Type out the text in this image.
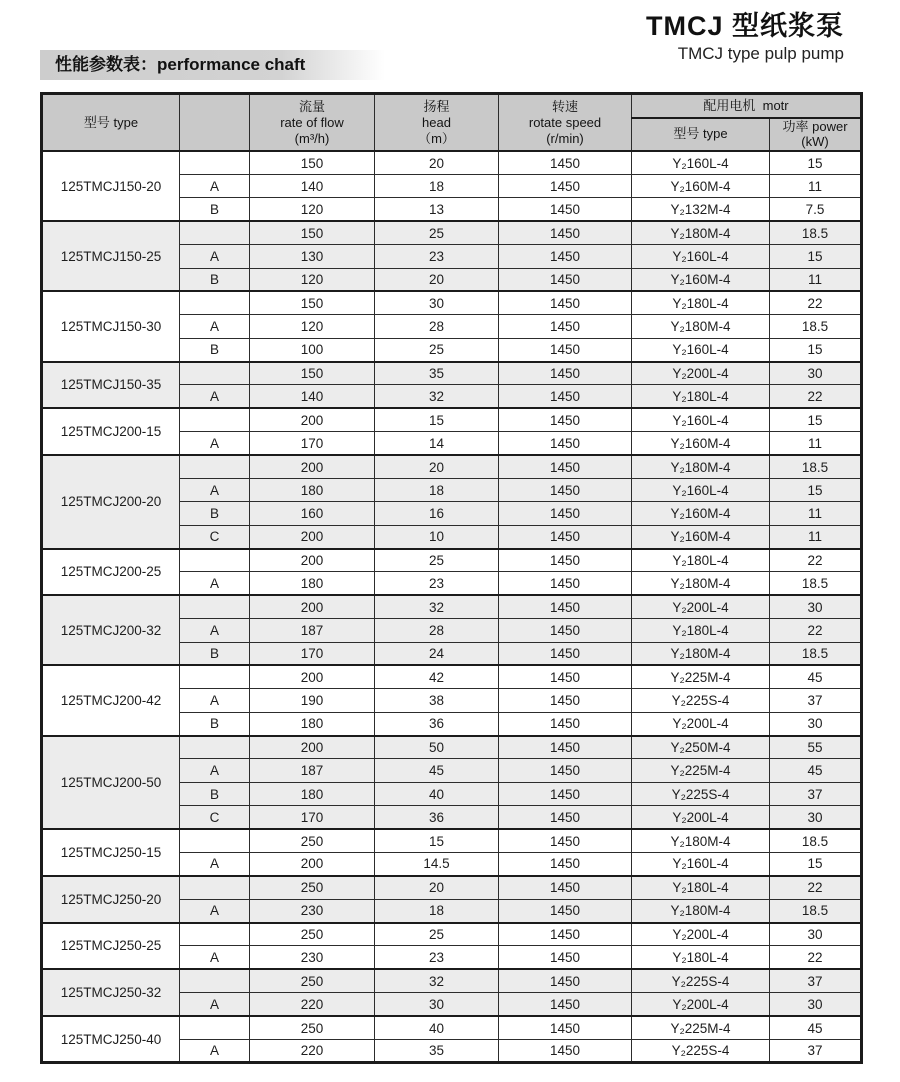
TMCJ 型纸浆泵
TMCJ type pulp pump
性能参数表：performance chaft
型号 type		流量
rate of flow
(m³/h)	扬程
head
（m）	转速
rotate speed
(r/min)	配用电机 motr	
					型号 type	功率 power
(kW)

125TMCJ150-20		150	20	1450	Y₂160L-4	15
	A	140	18	1450	Y₂160M-4	11
	B	120	13	1450	Y₂132M-4	7.5
125TMCJ150-25		150	25	1450	Y₂180M-4	18.5
	A	130	23	1450	Y₂160L-4	15
	B	120	20	1450	Y₂160M-4	11
125TMCJ150-30		150	30	1450	Y₂180L-4	22
	A	120	28	1450	Y₂180M-4	18.5
	B	100	25	1450	Y₂160L-4	15
125TMCJ150-35		150	35	1450	Y₂200L-4	30
	A	140	32	1450	Y₂180L-4	22
125TMCJ200-15		200	15	1450	Y₂160L-4	15
	A	170	14	1450	Y₂160M-4	11
125TMCJ200-20		200	20	1450	Y₂180M-4	18.5
	A	180	18	1450	Y₂160L-4	15
	B	160	16	1450	Y₂160M-4	11
	C	200	10	1450	Y₂160M-4	11
125TMCJ200-25		200	25	1450	Y₂180L-4	22
	A	180	23	1450	Y₂180M-4	18.5
125TMCJ200-32		200	32	1450	Y₂200L-4	30
	A	187	28	1450	Y₂180L-4	22
	B	170	24	1450	Y₂180M-4	18.5
125TMCJ200-42		200	42	1450	Y₂225M-4	45
	A	190	38	1450	Y₂225S-4	37
	B	180	36	1450	Y₂200L-4	30
125TMCJ200-50		200	50	1450	Y₂250M-4	55
	A	187	45	1450	Y₂225M-4	45
	B	180	40	1450	Y₂225S-4	37
	C	170	36	1450	Y₂200L-4	30
125TMCJ250-15		250	15	1450	Y₂180M-4	18.5
	A	200	14.5	1450	Y₂160L-4	15
125TMCJ250-20		250	20	1450	Y₂180L-4	22
	A	230	18	1450	Y₂180M-4	18.5
125TMCJ250-25		250	25	1450	Y₂200L-4	30
	A	230	23	1450	Y₂180L-4	22
125TMCJ250-32		250	32	1450	Y₂225S-4	37
	A	220	30	1450	Y₂200L-4	30
125TMCJ250-40		250	40	1450	Y₂225M-4	45
	A	220	35	1450	Y₂225S-4	37
